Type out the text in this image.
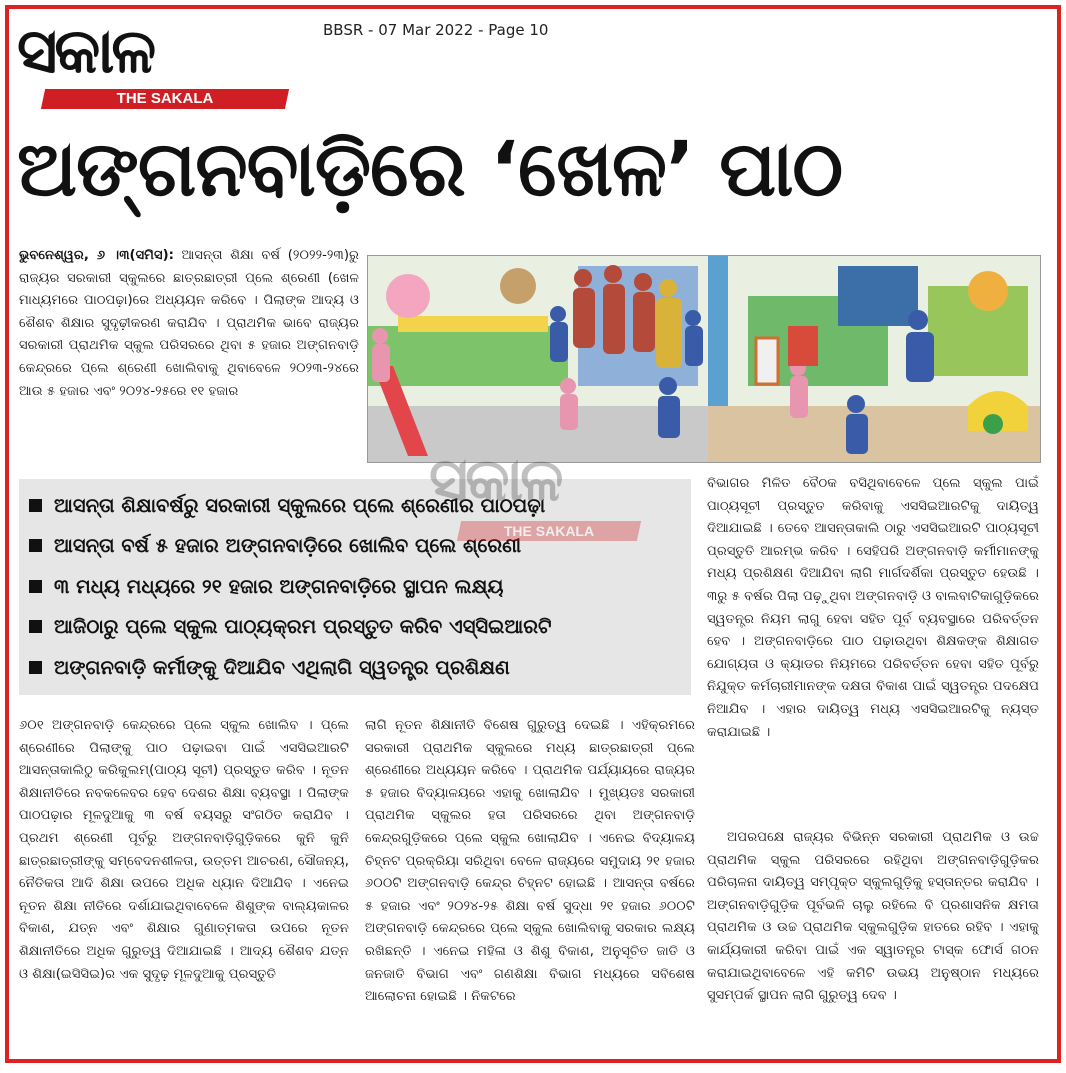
ସକାଳ
THE SAKALA
BBSR - 07 Mar 2022 - Page 10
ଅଙ୍ଗନବାଡ଼ିରେ ‘ଖେଳ’ ପାଠ
ଭୁବନେଶ୍ୱର, ୬ ।୩(ସମିସ): ଆସନ୍ତା ଶିକ୍ଷା ବର୍ଷ (୨୦୨୨-୨୩)ରୁ ରାଜ୍ୟର ସରକାରୀ ସ୍କୁଲରେ ଛାତ୍ରଛାତ୍ରୀ ପ୍ଲେ ଶ୍ରେଣୀ (ଖେଳ ମାଧ୍ୟମରେ ପାଠପଢ଼ା)ରେ ଅଧ୍ୟୟନ କରିବେ । ପିଲାଙ୍କ ଆଦ୍ୟ ଓ ଶୈଶବ ଶିକ୍ଷାର ସୁଦୃଢ଼ୀକରଣ କରାଯିବ । ପ୍ରାଥମିକ ଭାବେ ରାଜ୍ୟର ସରକାରୀ ପ୍ରାଥମିକ ସ୍କୁଲ ପରିସରରେ ଥିବା ୫ ହଜାର ଅଙ୍ଗନବାଡ଼ି କେନ୍ଦ୍ରରେ ପ୍ଲେ ଶ୍ରେଣୀ ଖୋଲିବାକୁ ଥିବାବେଳେ ୨୦୨୩-୨୪ରେ ଆଉ ୫ ହଜାର ଏବଂ ୨୦୨୪-୨୫ରେ ୧୧ ହଜାର
ଆସନ୍ତା ଶିକ୍ଷାବର୍ଷରୁ ସରକାରୀ ସ୍କୁଲରେ ପ୍ଲେ ଶ୍ରେଣୀର ପାଠପଢ଼ା
ଆସନ୍ତା ବର୍ଷ ୫ ହଜାର ଅଙ୍ଗନବାଡ଼ିରେ ଖୋଲିବ ପ୍ଲେ ଶ୍ରେଣୀ
୩ ମଧ୍ୟ ମଧ୍ୟରେ ୨୧ ହଜାର ଅଙ୍ଗନବାଡ଼ିରେ ସ୍ଥାପନ ଲକ୍ଷ୍ୟ
ଆଜିଠାରୁ ପ୍ଲେ ସ୍କୁଲ ପାଠ୍ୟକ୍ରମ ପ୍ରସ୍ତୁତ କରିବ ଏସ୍‌ସିଇଆରଟି
ଅଙ୍ଗନବାଡ଼ି କର୍ମୀଙ୍କୁ ଦିଆଯିବ ଏଥିଲାଗି ସ୍ୱତନ୍ତ୍ର ପ୍ରଶିକ୍ଷଣ
ବିଭାଗର ମିଳିତ ବୈଠକ ବସିଥିବାବେଳେ ପ୍ଲେ ସ୍କୁଲ ପାଇଁ ପାଠ୍ୟସୂଚୀ ପ୍ରସ୍ତୁତ କରିବାକୁ ଏସସିଇଆରଟିକୁ ଦାୟିତ୍ୱ ଦିଆଯାଇଛି । ତେବେ ଆସନ୍ତାକାଲି ଠାରୁ ଏସସିଇଆରଟି ପାଠ୍ୟସୂଚୀ ପ୍ରସ୍ତୁତି ଆରମ୍ଭ କରିବ । ସେହିପରି ଅଙ୍ଗନବାଡ଼ି କର୍ମୀମାନଙ୍କୁ ମଧ୍ୟ ପ୍ରଶିକ୍ଷଣ ଦିଆଯିବା ଲାଗି ମାର୍ଗଦର୍ଶିକା ପ୍ରସ୍ତୁତ ହେଉଛି । ୩ରୁ ୫ ବର୍ଷର ପିଲା ପଢ଼ୁଥିବା ଅଙ୍ଗନବାଡ଼ି ଓ ବାଲବାଟିକାଗୁଡ଼ିକରେ ସ୍ୱତନ୍ତ୍ର ନିୟମ ଲାଗୁ ହେବା ସହିତ ପୂର୍ବ ବ୍ୟବସ୍ଥାରେ ପରିବର୍ତ୍ତନ ହେବ । ଅଙ୍ଗନବାଡ଼ିରେ ପାଠ ପଢ଼ାଉଥିବା ଶିକ୍ଷକଙ୍କ ଶିକ୍ଷାଗତ ଯୋଗ୍ୟତା ଓ କ୍ୟାଡର ନିୟମରେ ପରିବର୍ତ୍ତନ ହେବା ସହିତ ପୂର୍ବରୁ ନିଯୁକ୍ତ କର୍ମଚାରୀମାନଙ୍କ ଦକ୍ଷତା ବିକାଶ ପାଇଁ ସ୍ୱତନ୍ତ୍ର ପଦକ୍ଷେପ ନିଆଯିବ । ଏହାର ଦାୟିତ୍ୱ ମଧ୍ୟ ଏସସିଇଆରଟିକୁ ନ୍ୟସ୍ତ କରାଯାଇଛି ।
୬୦୧ ଅଙ୍ଗନବାଡ଼ି କେନ୍ଦ୍ରରେ ପ୍ଲେ ସ୍କୁଲ ଖୋଲିବ । ପ୍ଲେ ଶ୍ରେଣୀରେ ପିଲାଙ୍କୁ ପାଠ ପଢ଼ାଇବା ପାଇଁ ଏସସିଇଆରଟି ଆସନ୍ତାକାଲିଠୁ କରିକୁଲମ୍(ପାଠ୍ୟ ସୂଚୀ) ପ୍ରସ୍ତୁତ କରିବ । ନୂତନ ଶିକ୍ଷାନୀତିରେ ନବକଳେବର ହେବ ଦେଶର ଶିକ୍ଷା ବ୍ୟବସ୍ଥା । ପିଲାଙ୍କ ପାଠପଢ଼ାର ମୂଳଦୁଆକୁ ୩ ବର୍ଷ ବୟସରୁ ସଂଗଠିତ କରାଯିବ । ପ୍ରଥମ ଶ୍ରେଣୀ ପୂର୍ବରୁ ଅଙ୍ଗନବାଡ଼ିଗୁଡ଼ିକରେ କୁନି କୁନି ଛାତ୍ରଛାତ୍ରୀଙ୍କୁ ସମ୍ବେଦନଶୀଳତା, ଉତ୍ତମ ଆଚରଣ, ସୌଜନ୍ୟ, ନୈତିକତା ଆଦି ଶିକ୍ଷା ଉପରେ ଅଧିକ ଧ୍ୟାନ ଦିଆଯିବ । ଏନେଇ ନୂତନ ଶିକ୍ଷା ନୀତିରେ ଦର୍ଶାଯାଇଥିବାବେଳେ ଶିଶୁଙ୍କ ବାଲ୍ୟକାଳର ବିକାଶ, ଯତ୍ନ ଏବଂ ଶିକ୍ଷାର ଗୁଣାତ୍ମକତା ଉପରେ ନୂତନ ଶିକ୍ଷାନୀତିରେ ଅଧିକ ଗୁରୁତ୍ୱ ଦିଆଯାଇଛି । ଆଦ୍ୟ ଶୈଶବ ଯତ୍ନ ଓ ଶିକ୍ଷା(ଇସିସିଇ)ର ଏକ ସୁଦୃଢ଼ ମୂଳଦୁଆକୁ ପ୍ରସ୍ତୁତି
ଲାଗି ନୂତନ ଶିକ୍ଷାନୀତି ବିଶେଷ ଗୁରୁତ୍ୱ ଦେଇଛି । ଏହିକ୍ରମରେ ସରକାରୀ ପ୍ରାଥମିକ ସ୍କୁଲରେ ମଧ୍ୟ ଛାତ୍ରଛାତ୍ରୀ ପ୍ଲେ ଶ୍ରେଣୀରେ ଅଧ୍ୟୟନ କରିବେ । ପ୍ରାଥମିକ ପର୍ଯ୍ୟାୟରେ ରାଜ୍ୟର ୫ ହଜାର ବିଦ୍ୟାଳୟରେ ଏହାକୁ ଖୋଲାଯିବ । ମୁଖ୍ୟତଃ ସରକାରୀ ପ୍ରାଥମିକ ସ୍କୁଲର ହତା ପରିସରରେ ଥିବା ଅଙ୍ଗନବାଡ଼ି କେନ୍ଦ୍ରଗୁଡ଼ିକରେ ପ୍ଲେ ସ୍କୁଲ ଖୋଲାଯିବ । ଏନେଇ ବିଦ୍ୟାଳୟ ଚିହ୍ନଟ ପ୍ରକ୍ରିୟା ସରିଥିବା ବେଳେ ରାଜ୍ୟରେ ସମୁଦାୟ ୨୧ ହଜାର ୬୦୦ଟି ଅଙ୍ଗନବାଡ଼ି କେନ୍ଦ୍ର ଚିହ୍ନଟ ହୋଇଛି । ଆସନ୍ତା ବର୍ଷରେ ୫ ହଜାର ଏବଂ ୨୦୨୪-୨୫ ଶିକ୍ଷା ବର୍ଷ ସୁଦ୍ଧା ୨୧ ହଜାର ୬୦୦ଟି ଅଙ୍ଗନବାଡ଼ି କେନ୍ଦ୍ରରେ ପ୍ଲେ ସ୍କୁଲ ଖୋଲିବାକୁ ସରକାର ଲକ୍ଷ୍ୟ ରଖିଛନ୍ତି । ଏନେଇ ମହିଳା ଓ ଶିଶୁ ବିକାଶ, ଅନୁସୂଚିତ ଜାତି ଓ ଜନଜାତି ବିଭାଗ ଏବଂ ଗଣଶିକ୍ଷା ବିଭାଗ ମଧ୍ୟରେ ସବିଶେଷ ଆଲୋଚନା ହୋଇଛି । ନିକଟରେ
ଅପରପକ୍ଷେ ରାଜ୍ୟର ବିଭିନ୍ନ ସରକାରୀ ପ୍ରାଥମିକ ଓ ଉଚ୍ଚ ପ୍ରାଥମିକ ସ୍କୁଲ ପରିସରରେ ରହିଥିବା ଅଙ୍ଗନବାଡ଼ିଗୁଡ଼ିକର ପରିଚାଳନା ଦାୟିତ୍ୱ ସମ୍ପୃକ୍ତ ସ୍କୁଲଗୁଡ଼ିକୁ ହସ୍ତାନ୍ତର କରାଯିବ । ଅଙ୍ଗନବାଡ଼ିଗୁଡ଼ିକ ପୂର୍ବଭଳି ଚାଲୁ ରହିଲେ ବି ପ୍ରଶାସନିକ କ୍ଷମତା ପ୍ରାଥମିକ ଓ ଉଚ୍ଚ ପ୍ରାଥମିକ ସ୍କୁଲଗୁଡ଼ିକ ହାତରେ ରହିବ । ଏହାକୁ କାର୍ଯ୍ୟକାରୀ କରିବା ପାଇଁ ଏକ ସ୍ୱାତନ୍ତ୍ର ଟାସ୍କ ଫୋର୍ସ ଗଠନ କରାଯାଇଥିବାବେଳେ ଏହି କମିଟି ଉଭୟ ଅନୁଷ୍ଠାନ ମଧ୍ୟରେ ସୁସମ୍ପର୍କ ସ୍ଥାପନ ଲାଗି ଗୁରୁତ୍ୱ ଦେବ ।
ସକାଳ
THE SAKALA
